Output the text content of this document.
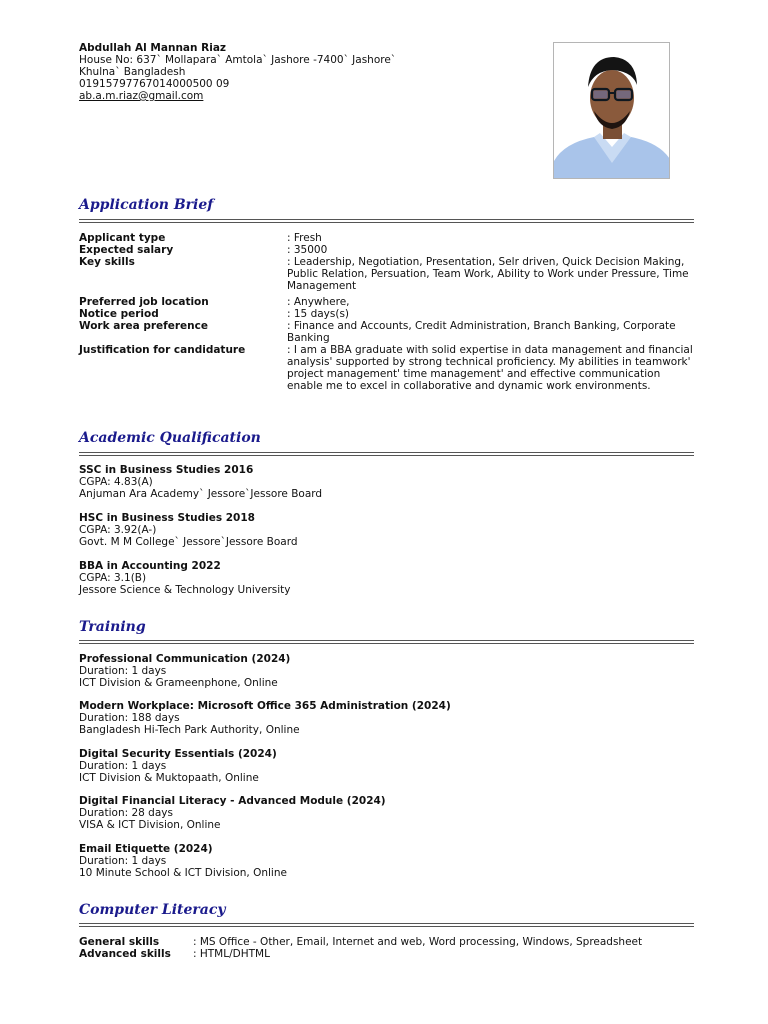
Abdullah Al Mannan Riaz
House No: 637` Mollapara` Amtola` Jashore -7400` Jashore`
Khulna` Bangladesh
01915797767014000500 09
ab.a.m.riaz@gmail.com
Application Brief
Applicant type	: Fresh
Expected salary	: 35000
Key skills	: Leadership, Negotiation, Presentation, Selr driven, Quick Decision Making, Public Relation, Persuation, Team Work, Ability to Work under Pressure, Time Management
Preferred job location	: Anywhere,
Notice period	: 15 days(s)
Work area preference	: Finance and Accounts, Credit Administration, Branch Banking, Corporate Banking
Justification for candidature	: I am a BBA graduate with solid expertise in data management and financial analysis' supported by strong technical proficiency. My abilities in teamwork' project management' time management' and effective communication enable me to excel in collaborative and dynamic work environments.
Academic Qualification
SSC in Business Studies 2016
CGPA: 4.83(A)
Anjuman Ara Academy` Jessore`Jessore Board
HSC in Business Studies 2018
CGPA: 3.92(A-)
Govt. M M College` Jessore`Jessore Board
BBA in Accounting 2022
CGPA: 3.1(B)
Jessore Science & Technology University
Training
Professional Communication (2024)
Duration: 1 days
ICT Division & Grameenphone, Online
Modern Workplace: Microsoft Office 365 Administration (2024)
Duration: 188 days
Bangladesh Hi-Tech Park Authority, Online
Digital Security Essentials (2024)
Duration: 1 days
ICT Division & Muktopaath, Online
Digital Financial Literacy - Advanced Module (2024)
Duration: 28 days
VISA & ICT Division, Online
Email Etiquette (2024)
Duration: 1 days
10 Minute School & ICT Division, Online
Computer Literacy
General skills	: MS Office - Other, Email, Internet and web, Word processing, Windows, Spreadsheet
Advanced skills	: HTML/DHTML
